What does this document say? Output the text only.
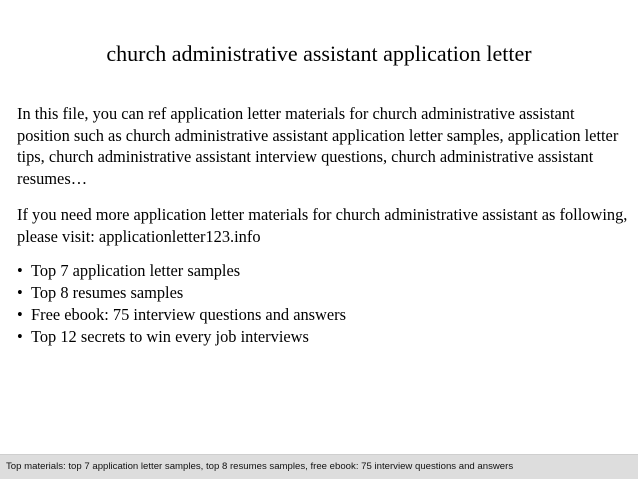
church administrative assistant application letter
In this file, you can ref application letter materials for church administrative assistant position such as church administrative assistant application letter samples, application letter tips, church administrative assistant interview questions, church administrative assistant resumes…
If you need more application letter materials for church administrative assistant as following, please visit: applicationletter123.info
• Top 7 application letter samples
• Top 8 resumes samples
• Free ebook: 75 interview questions and answers
• Top 12 secrets to win every job interviews
Top materials: top 7 application letter samples, top 8 resumes samples, free ebook: 75 interview questions and answers
